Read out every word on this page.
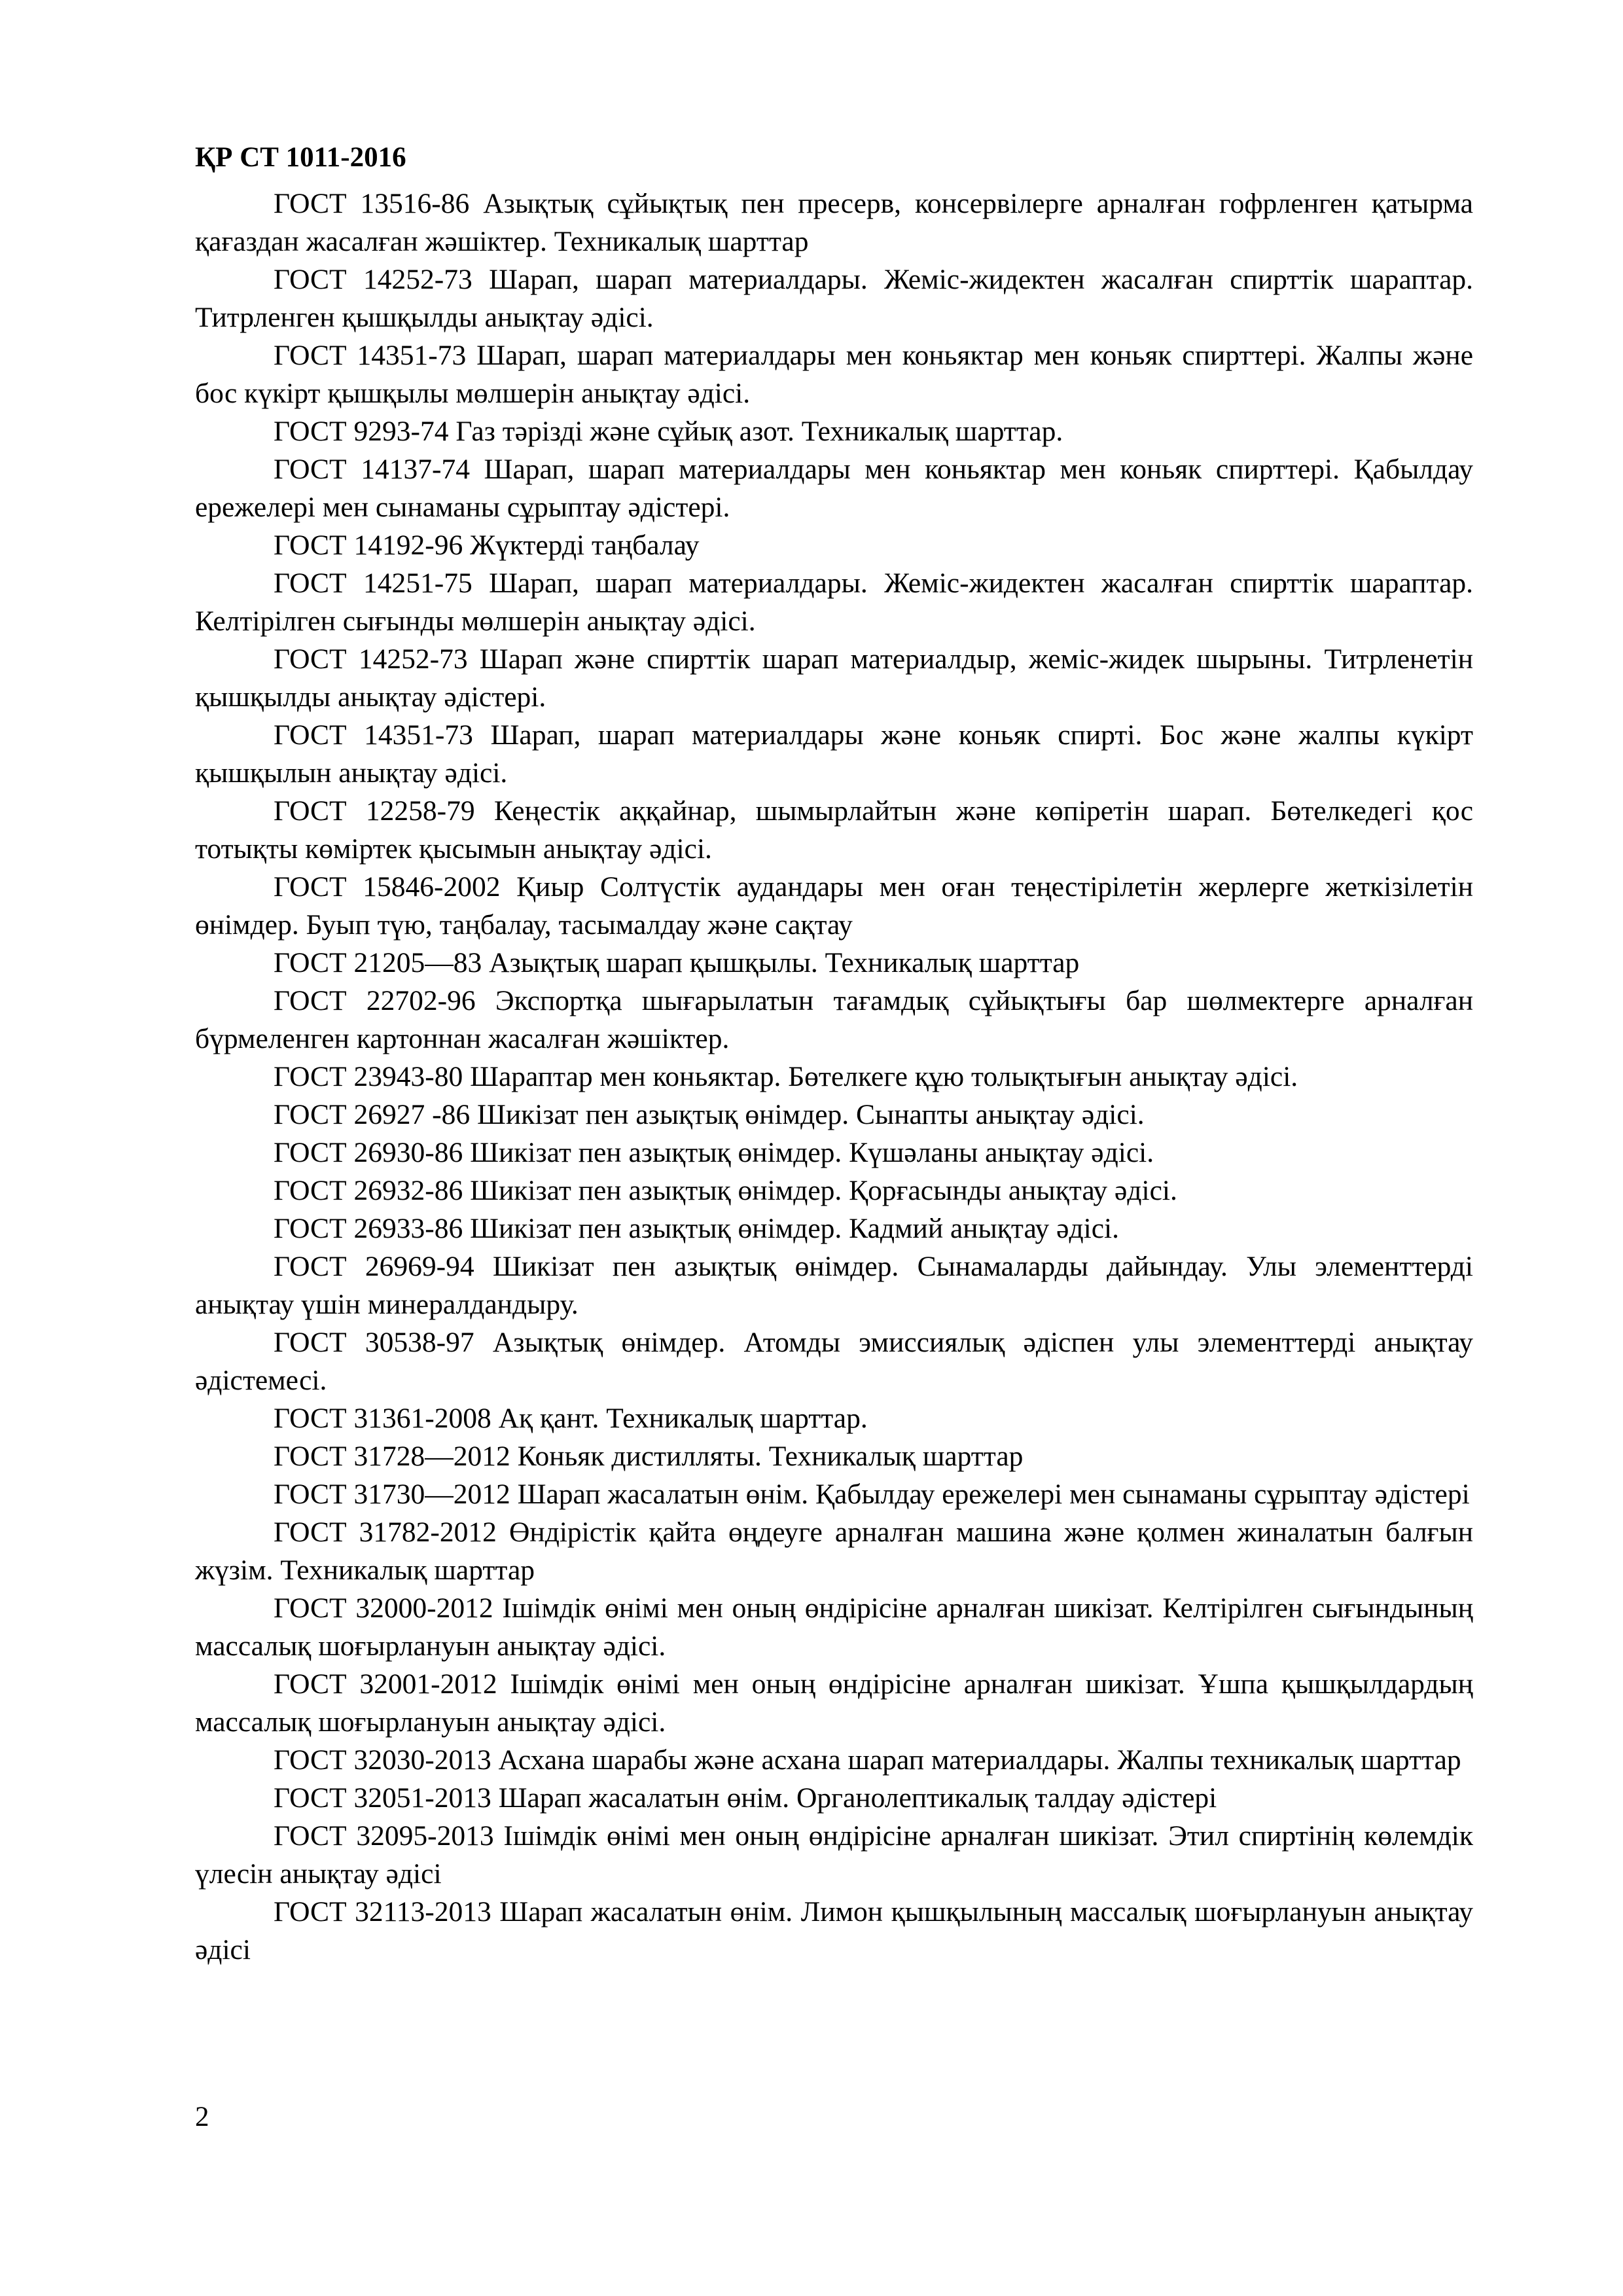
ҚР СТ 1011-2016

ГОСТ 13516-86 Азықтық сұйықтық пен пресерв, консервілерге арналған гофрленген қатырма қағаздан жасалған жәшіктер. Техникалық шарттар

ГОСТ 14252-73 Шарап, шарап материалдары. Жеміс-жидектен жасалған спирттік шараптар. Титрленген қышқылды анықтау әдісі.

ГОСТ 14351-73 Шарап, шарап материалдары мен коньяктар мен коньяк спирттері. Жалпы және бос күкірт қышқылы мөлшерін анықтау әдісі.

ГОСТ 9293-74 Газ тәрізді және сұйық азот. Техникалық шарттар.

ГОСТ 14137-74 Шарап, шарап материалдары мен коньяктар мен коньяк спирттері. Қабылдау ережелері мен сынаманы сұрыптау әдістері.

ГОСТ 14192-96 Жүктерді таңбалау

ГОСТ 14251-75 Шарап, шарап материалдары. Жеміс-жидектен жасалған спирттік шараптар. Келтірілген сығынды мөлшерін анықтау әдісі.

ГОСТ 14252-73 Шарап және спирттік шарап материалдыр, жеміс-жидек шырыны. Титрленетін қышқылды анықтау әдістері.

ГОСТ 14351-73 Шарап, шарап материалдары және коньяк спирті. Бос және жалпы күкірт қышқылын анықтау әдісі.

ГОСТ 12258-79 Кеңестік аққайнар, шымырлайтын және көпіретін шарап. Бөтелкедегі қос тотықты көміртек қысымын анықтау әдісі.

ГОСТ 15846-2002 Қиыр Солтүстік аудандары мен оған теңестірілетін жерлерге жеткізілетін өнімдер. Буып түю, таңбалау, тасымалдау және сақтау

ГОСТ 21205—83 Азықтық шарап қышқылы. Техникалық шарттар

ГОСТ 22702-96 Экспортқа шығарылатын тағамдық сұйықтығы бар шөлмектерге арналған бүрмеленген картоннан жасалған жәшіктер.

ГОСТ 23943-80 Шараптар мен коньяктар. Бөтелкеге құю толықтығын анықтау әдісі.

ГОСТ 26927 -86 Шикізат пен азықтық өнімдер. Сынапты анықтау әдісі.

ГОСТ 26930-86 Шикізат пен азықтық өнімдер. Күшәланы анықтау әдісі.

ГОСТ 26932-86 Шикізат пен азықтық өнімдер. Қорғасынды анықтау әдісі.

ГОСТ 26933-86 Шикізат пен азықтық өнімдер. Кадмий анықтау әдісі.

ГОСТ 26969-94 Шикізат пен азықтық өнімдер. Сынамаларды дайындау. Улы элементтерді анықтау үшін минералдандыру.

ГОСТ 30538-97 Азықтық өнімдер. Атомды эмиссиялық әдіспен улы элементтерді анықтау әдістемесі.

ГОСТ 31361-2008 Ақ қант. Техникалық шарттар.

ГОСТ 31728—2012 Коньяк дистилляты. Техникалық шарттар

ГОСТ 31730—2012 Шарап жасалатын өнім. Қабылдау ережелері мен сынаманы сұрыптау әдістері

ГОСТ 31782-2012 Өндірістік қайта өңдеуге арналған машина және қолмен жиналатын балғын жүзім. Техникалық шарттар

ГОСТ 32000-2012 Ішімдік өнімі мен оның өндірісіне арналған шикізат. Келтірілген сығындының массалық шоғырлануын анықтау әдісі.

ГОСТ 32001-2012 Ішімдік өнімі мен оның өндірісіне арналған шикізат. Ұшпа қышқылдардың массалық шоғырлануын анықтау әдісі.

ГОСТ 32030-2013 Асхана шарабы және асхана шарап материалдары. Жалпы техникалық шарттар

ГОСТ 32051-2013 Шарап жасалатын өнім. Органолептикалық талдау әдістері

ГОСТ 32095-2013 Ішімдік өнімі мен оның өндірісіне арналған шикізат. Этил спиртінің көлемдік үлесін анықтау әдісі

ГОСТ 32113-2013 Шарап жасалатын өнім. Лимон қышқылының массалық шоғырлануын анықтау әдісі

2
